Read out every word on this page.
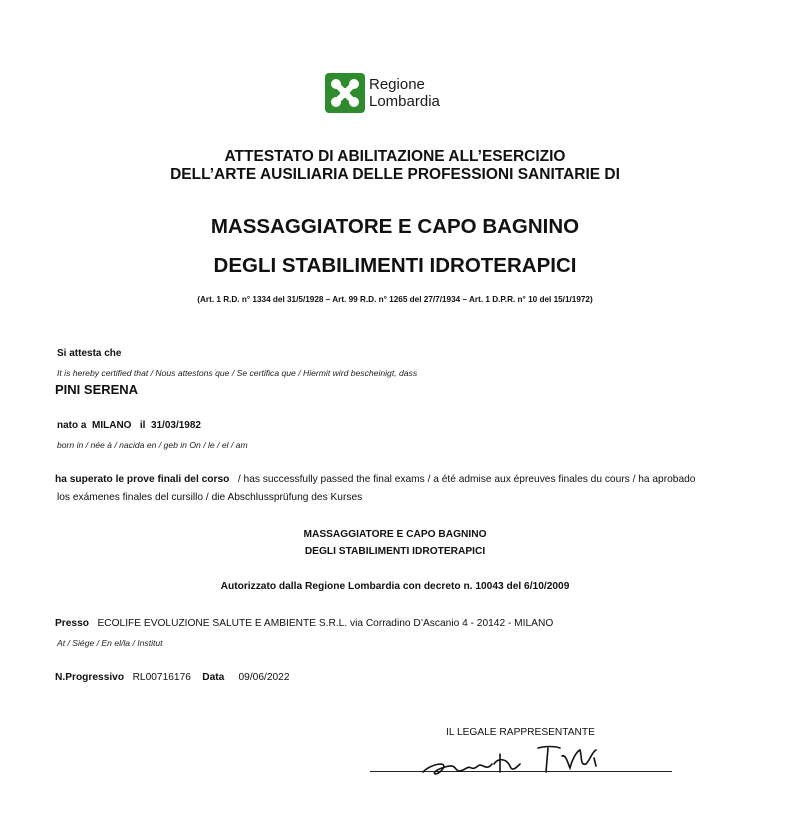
Regione
Lombardia
ATTESTATO DI ABILITAZIONE ALL’ESERCIZIO
DELL’ARTE AUSILIARIA DELLE PROFESSIONI SANITARIE DI
MASSAGGIATORE E CAPO BAGNINO
DEGLI STABILIMENTI IDROTERAPICI
(Art. 1 R.D. n° 1334 del 31/5/1928 – Art. 99 R.D. n° 1265 del 27/7/1934 – Art. 1 D.P.R. n° 10 del 15/1/1972)
Si attesta che
It is hereby certified that / Nous attestons que / Se certifica que / Hiermit wird bescheinigt, dass
PINI SERENA
nato a MILANO il 31/03/1982
born in / née à / nacida en / geb in On / le / el / am
ha superato le prove finali del corso / has successfully passed the final exams / a été admise aux épreuves finales du cours / ha aprobado
los exámenes finales del cursillo / die Abschlussprüfung des Kurses
MASSAGGIATORE E CAPO BAGNINO
DEGLI STABILIMENTI IDROTERAPICI
Autorizzato dalla Regione Lombardia con decreto n. 10043 del 6/10/2009
Presso ECOLIFE EVOLUZIONE SALUTE E AMBIENTE S.R.L. via Corradino D’Ascanio 4 - 20142 - MILANO
At / Siége / En el/la / Institut
N.Progressivo RL00716176 Data 09/06/2022
IL LEGALE RAPPRESENTANTE
